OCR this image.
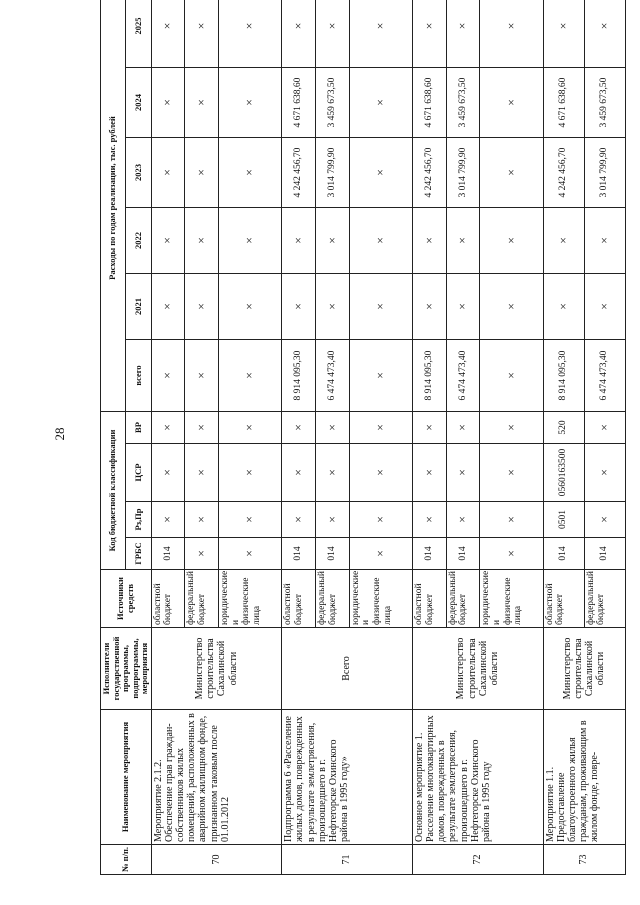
28
№ п/п.	Наименование мероприятия	Исполнители государственной программы, подпрограммы, мероприятия	Источники средств	Код бюджетной классификации				Расходы по годам реализации, тыс. рублей					
				ГРБС	Рз,Пр	ЦСР	ВР	всего	2021	2022	2023	2024	2025
70	Мероприятие 2.1.2. Обеспечение прав граждан-собственников жилых помещений, расположенных в аварийном жилищном фонде, признанном таковым после 01.01.2012	Министерство строительства Сахалинской области	областной бюджет	014	×	×	×	×	×	×	×	×	×
			федеральный бюджет	×	×	×	×	×	×	×	×	×	×
			юридические и физические лица	×	×	×	×	×	×	×	×	×	×
71	Подпрограмма 6 «Расселение жилых домов, поврежденных в результате землетрясения, произошедшего в г. Нефтегорске Охинского района в 1995 году»	Всего	областной бюджет	014	×	×	×	8 914 095,30	×	×	4 242 456,70	4 671 638,60	×
			федеральный бюджет	014	×	×	×	6 474 473,40	×	×	3 014 799,90	3 459 673,50	×
			юридические и физические лица	×	×	×	×	×	×	×	×	×	×
72	Основное мероприятие 1. Расселение многоквартирных домов, поврежденных в результате землетрясения, произошедшего в г. Нефтегорске Охинского района в 1995 году	Министерство строительства Сахалинской области	областной бюджет	014	×	×	×	8 914 095,30	×	×	4 242 456,70	4 671 638,60	×
			федеральный бюджет	014	×	×	×	6 474 473,40	×	×	3 014 799,90	3 459 673,50	×
			юридические и физические лица	×	×	×	×	×	×	×	×	×	×
73	Мероприятие 1.1. Предоставление благоустроенного жилья гражданам, проживающим в жилом фонде, повре-	Министерство строительства Сахалинской области	областной бюджет	014	0501	0560163500	520	8 914 095,30	×	×	4 242 456,70	4 671 638,60	×
			федеральный бюджет	014	×	×	×	6 474 473,40	×	×	3 014 799,90	3 459 673,50	×
